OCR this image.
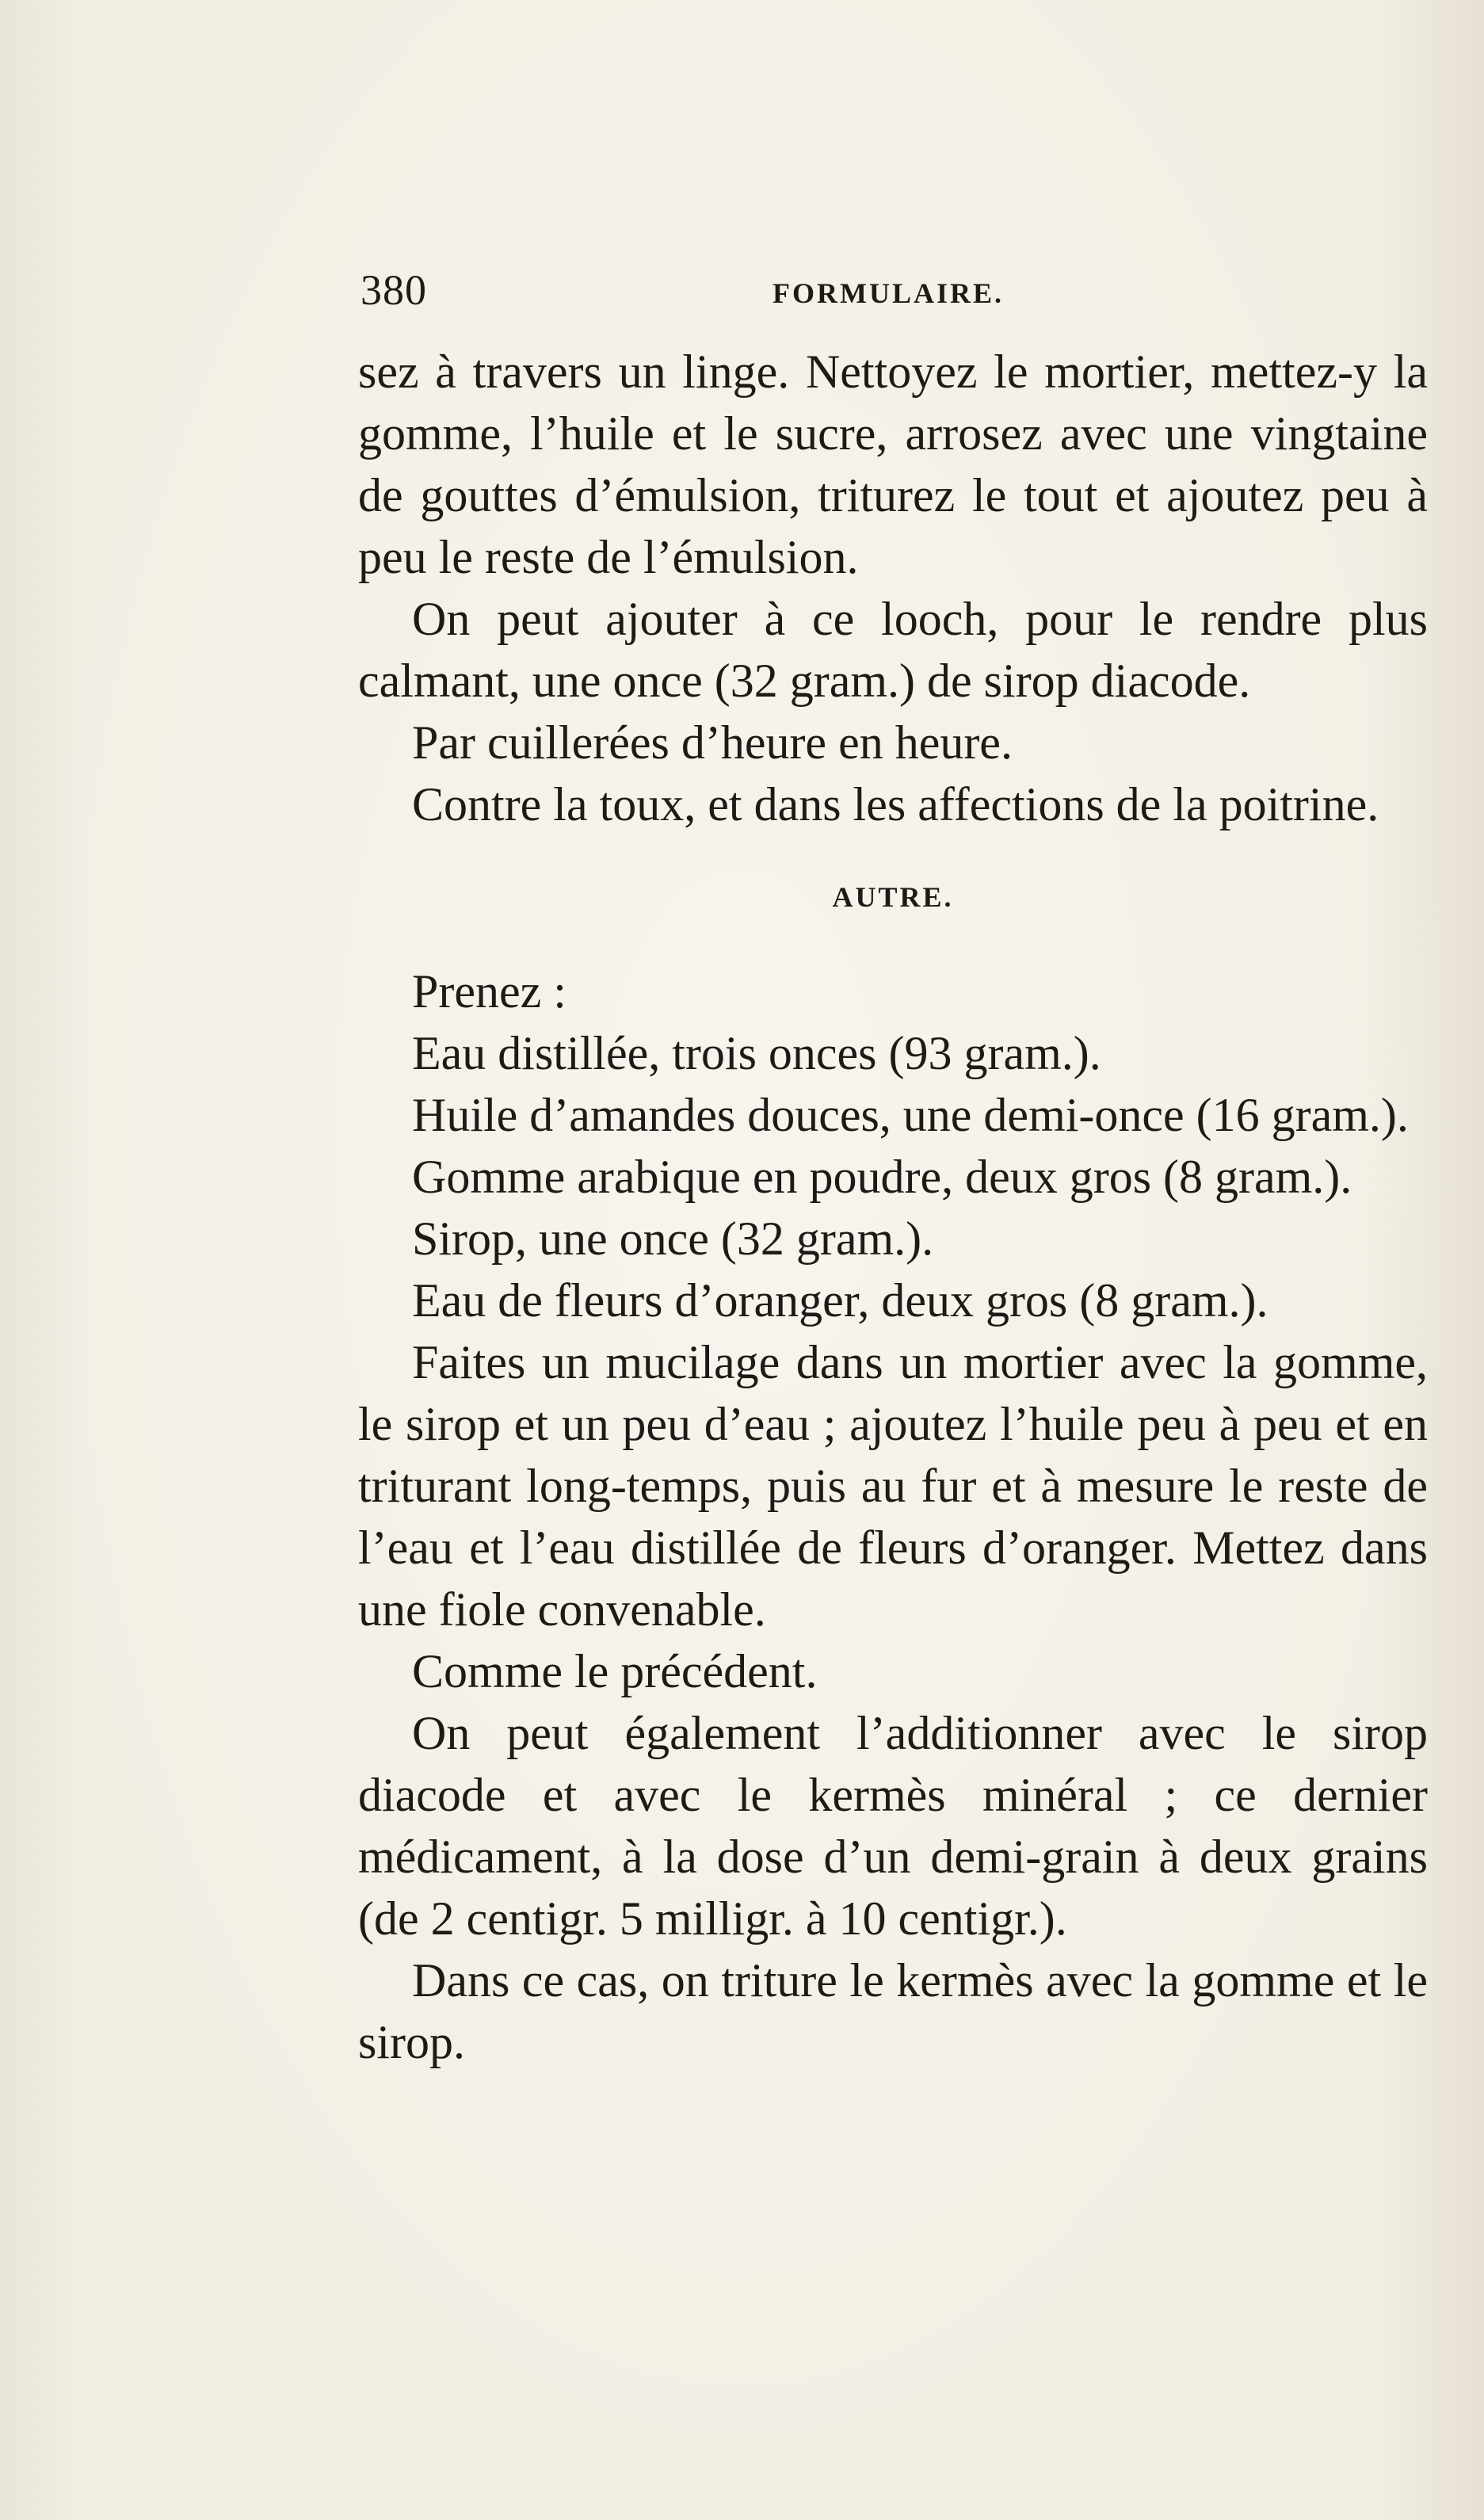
380	FORMULAIRE.

sez à travers un linge. Nettoyez le mortier, mettez-y la gomme, l’huile et le sucre, arrosez avec une vingtaine de gouttes d’émulsion, triturez le tout et ajoutez peu à peu le reste de l’émulsion.

On peut ajouter à ce looch, pour le rendre plus calmant, une once (32 gram.) de sirop diacode.

Par cuillerées d’heure en heure.

Contre la toux, et dans les affections de la poitrine.

AUTRE.

Prenez :

Eau distillée, trois onces (93 gram.).

Huile d’amandes douces, une demi-once (16 gram.).

Gomme arabique en poudre, deux gros (8 gram.).

Sirop, une once (32 gram.).

Eau de fleurs d’oranger, deux gros (8 gram.).

Faites un mucilage dans un mortier avec la gomme, le sirop et un peu d’eau ; ajoutez l’huile peu à peu et en triturant long-temps, puis au fur et à mesure le reste de l’eau et l’eau distillée de fleurs d’oranger. Mettez dans une fiole convenable.

Comme le précédent.

On peut également l’additionner avec le sirop diacode et avec le kermès minéral ; ce dernier médicament, à la dose d’un demi-grain à deux grains (de 2 centigr. 5 milligr. à 10 centigr.).

Dans ce cas, on triture le kermès avec la gomme et le sirop.
